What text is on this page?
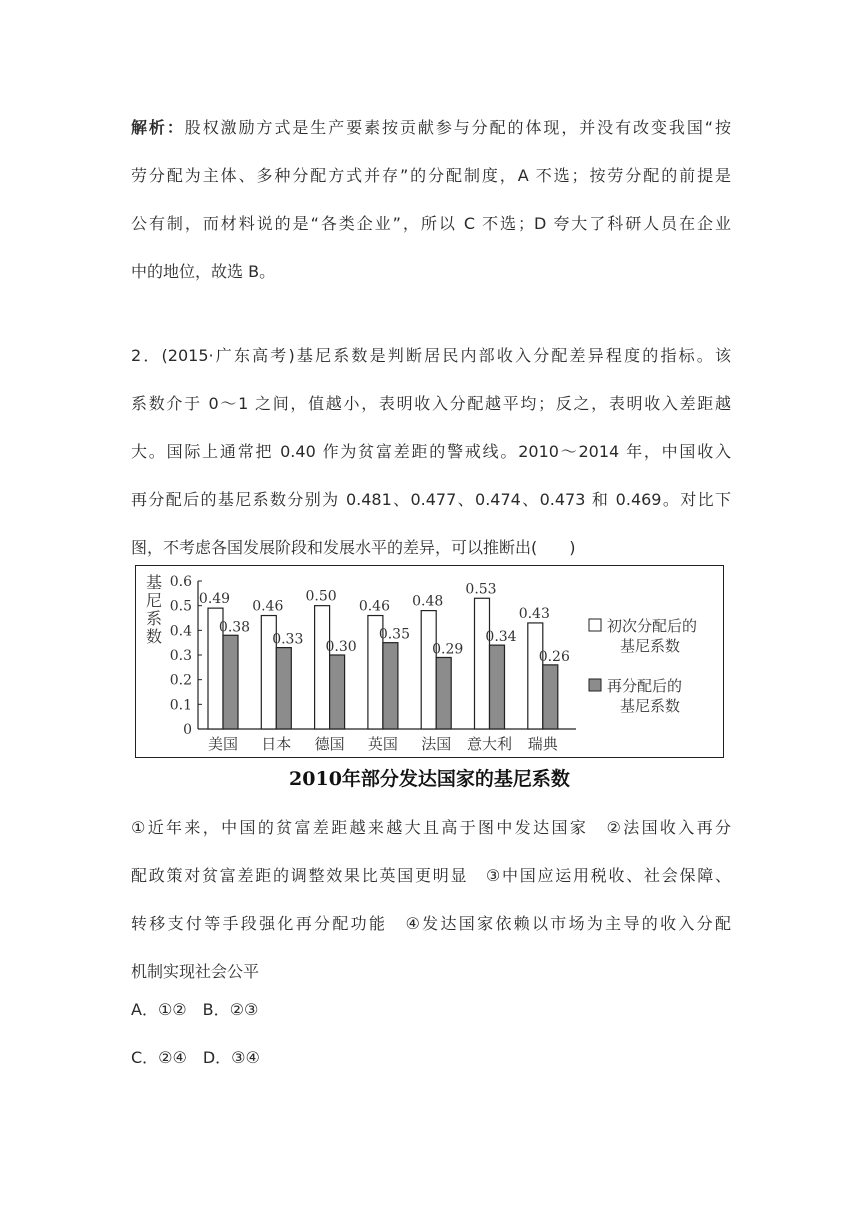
解析：股权激励方式是生产要素按贡献参与分配的体现，并没有改变我国“按
劳分配为主体、多种分配方式并存”的分配制度，A 不选；按劳分配的前提是
公有制，而材料说的是“各类企业”，所以 C 不选；D 夸大了科研人员在企业
中的地位，故选 B。
2．(2015·广东高考)基尼系数是判断居民内部收入分配差异程度的指标。该
系数介于 0～1 之间，值越小，表明收入分配越平均；反之，表明收入差距越
大。国际上通常把 0.40 作为贫富差距的警戒线。2010～2014 年，中国收入
再分配后的基尼系数分别为 0.481、0.477、0.474、0.473 和 0.469。对比下
图，不考虑各国发展阶段和发展水平的差异，可以推断出(　　)
基
尼
系
数
0
0.1
0.2
0.3
0.4
0.5
0.6
0.49
0.38
美国
0.46
0.33
日本
0.50
0.30
德国
0.46
0.35
英国
0.48
0.29
法国
0.53
0.34
意大利
0.43
0.26
瑞典
初次分配后的
基尼系数
再分配后的
基尼系数
2010年部分发达国家的基尼系数
①近年来，中国的贫富差距越来越大且高于图中发达国家　②法国收入再分
配政策对贫富差距的调整效果比英国更明显　③中国应运用税收、社会保障、
转移支付等手段强化再分配功能　④发达国家依赖以市场为主导的收入分配
机制实现社会公平
A．①②　B．②③
C．②④　D．③④
